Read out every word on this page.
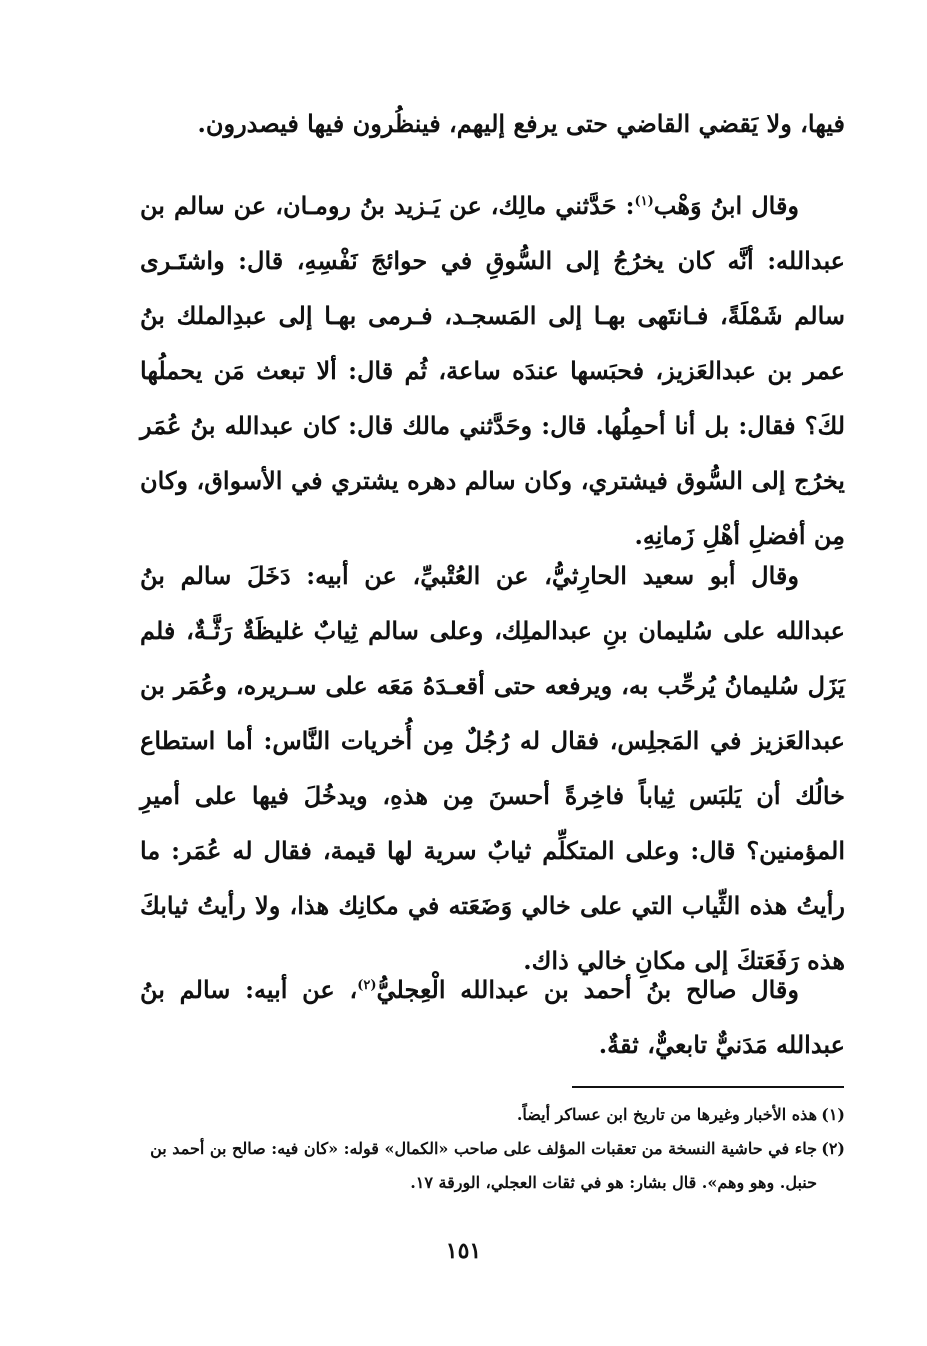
فيها، ولا يَقضي القاضي حتى يرفع إليهم، فينظُرون فيها فيصدرون.
وقال ابنُ وَهْب$^{(١)}$: حَدَّثني مالِك، عن يَـزيد بنُ رومـان، عن سالم بن عبدالله: أنَّه كان يخرُجُ إلى السُّوقِ في حوائجَ نَفْسِهِ، قال: واشتَـرى سالم شَمْلَةً، فـانتَهى بهـا إلى المَسجـد، فـرمى بهـا إلى عبدِالملك بنُ عمر بن عبدالعَزيز، فحبَسها عندَه ساعة، ثُم قال: ألا تبعث مَن يحملُها لكَ؟ فقال: بل أنا أحمِلُها. قال: وحَدَّثني مالك قال: كان عبدالله بنُ عُمَر يخرُج إلى السُّوق فيشتري، وكان سالم دهره يشتري في الأسواق، وكان مِن أفضلِ أهْلِ زَمانِهِ.
وقال أبو سعيد الحارِثيُّ، عن العُتْبيِّ، عن أبيه: دَخَلَ سالم بنُ عبدالله على سُليمان بنِ عبدالملِك، وعلى سالم ثِيابٌ غليظَةٌ رَثَّـةٌ، فلم يَزَل سُليمانُ يُرحِّب به، ويرفعه حتى أقعـدَهُ مَعَه على سـريره، وعُمَر بن عبدالعَزيز في المَجلِس، فقال له رُجُلٌ مِن أُخريات النَّاس: أما استطاع خالُك أن يَلبَس ثِياباً فاخِرةً أحسنَ مِن هذهِ، ويدخُلَ فيها على أميرِ المؤمنين؟ قال: وعلى المتكلِّم ثيابٌ سرية لها قيمة، فقال له عُمَر: ما رأيتُ هذه الثِّياب التي على خالي وَضَعَته في مكانِك هذا، ولا رأيتُ ثيابكَ هذه رَفَعَتكَ إلى مكانِ خالي ذاك.
وقال صالح بنُ أحمد بن عبدالله الْعِجليُّ$^{(٢)}$، عن أبيه: سالم بنُ عبدالله مَدَنيٌّ تابعيٌّ، ثقةٌ.
(١)هذه الأخبار وغيرها من تاريخ ابن عساكر أيضاً.
(٢)جاء في حاشية النسخة من تعقبات المؤلف على صاحب «الكمال» قوله: «كان فيه: صالح بن أحمد بن حنبل. وهو وهم». قال بشار: هو في ثقات العجلي، الورقة ١٧.
١٥١
